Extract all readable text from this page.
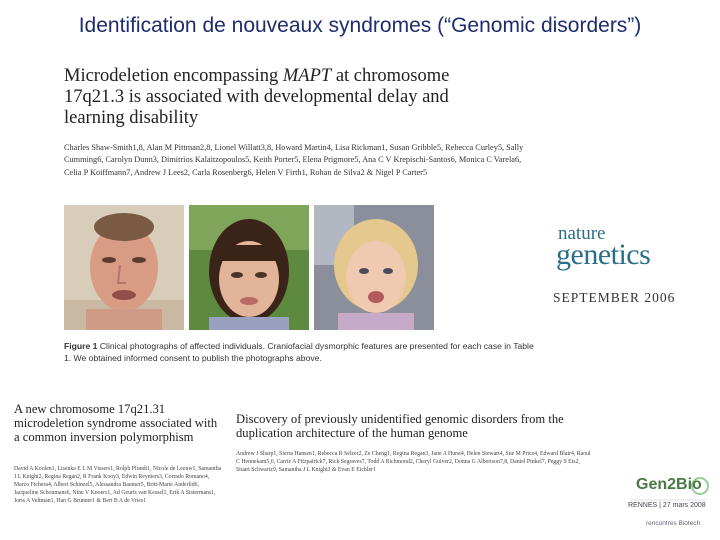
Identification de nouveaux syndromes (“Genomic disorders”)
Microdeletion encompassing MAPT at chromosome 17q21.3 is associated with developmental delay and learning disability
Charles Shaw-Smith1,8, Alan M Pittman2,8, Lionel Willatt3,8, Howard Martin4, Lisa Rickman1, Susan Gribble5, Rebecca Curley5, Sally Cumming6, Carolyn Dunn3, Dimitrios Kalaitzopoulos5, Keith Porter5, Elena Prigmore5, Ana C V Krepischi-Santos6, Monica C Varela6, Celia P Koiffmann7, Andrew J Lees2, Carla Rosenberg6, Helen V Firth1, Rohan de Silva2 & Nigel P Carter5
nature
genetics
SEPTEMBER 2006
Figure 1 Clinical photographs of affected individuals. Craniofacial dysmorphic features are presented for each case in Table 1. We obtained informed consent to publish the photographs above.
A new chromosome 17q21.31 microdeletion syndrome associated with a common inversion polymorphism
David A Koolen1, Lisenka E L M Vissers1, Rolph Pfundt1, Nicole de Leeuw1, Samantha J L Knight2, Regina Regan2, R Frank Kooy3, Edwin Reyniers3, Corrado Romano4, Marco Fichera4, Albert Schinzel5, Alessandra Baumer5, Britt-Marie Anderlid6, Jacqueline Schoumans6, Nine V Knoers1, Ad Geurts van Kessel1, Erik A Sistermans1, Joris A Veltman1, Han G Brunner1 & Bert B A de Vries1
Discovery of previously unidentified genomic disorders from the duplication architecture of the human genome
Andrew J Sharp1, Sierra Hansen1, Rebecca R Selzer2, Ze Cheng1, Regina Regan3, Jane A Hurst4, Helen Stewart4, Sue M Price4, Edward Blair4, Raoul C Hennekam5,6, Carrie A Fitzpatrick7, Rick Segraves7, Todd A Richmond2, Cheryl Guiver2, Donna G Albertson7,8, Daniel Pinkel7, Peggy S Eis2, Stuart Schwartz9, Samantha J L Knight3 & Evan E Eichler1
Gen2Bio
RENNES | 27 mars 2008
rencontres Biotech
